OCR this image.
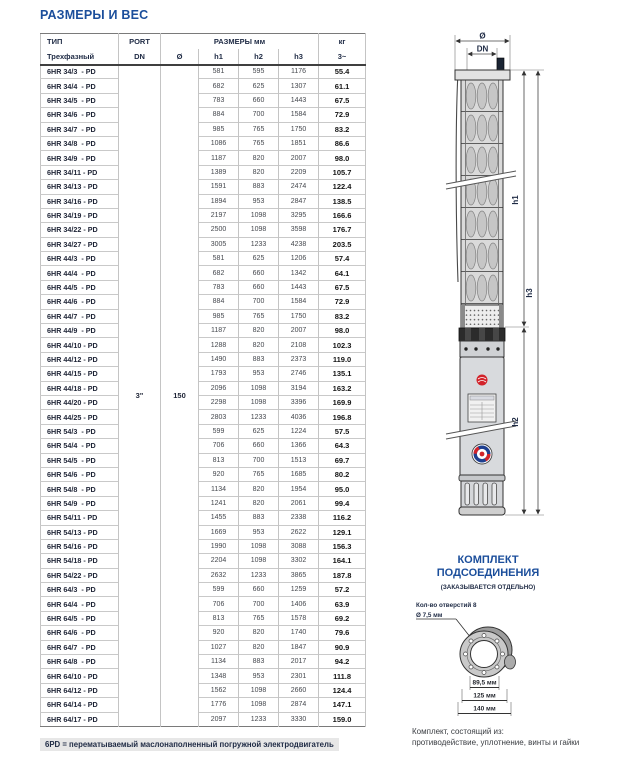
РАЗМЕРЫ И ВЕС
ТИП	PORT	РАЗМЕРЫ мм				кг
Трехфазный	DN	Ø	h1	h2	h3	3~
6HR 34/3  - PD	3"	150	581	595	1176	55.4
6HR 34/4  - PD			682	625	1307	61.1
6HR 34/5  - PD			783	660	1443	67.5
6HR 34/6  - PD			884	700	1584	72.9
6HR 34/7  - PD			985	765	1750	83.2
6HR 34/8  - PD			1086	765	1851	86.6
6HR 34/9  - PD			1187	820	2007	98.0
6HR 34/11 - PD			1389	820	2209	105.7
6HR 34/13 - PD			1591	883	2474	122.4
6HR 34/16 - PD			1894	953	2847	138.5
6HR 34/19 - PD			2197	1098	3295	166.6
6HR 34/22 - PD			2500	1098	3598	176.7
6HR 34/27 - PD			3005	1233	4238	203.5
6HR 44/3  - PD			581	625	1206	57.4
6HR 44/4  - PD			682	660	1342	64.1
6HR 44/5  - PD			783	660	1443	67.5
6HR 44/6  - PD			884	700	1584	72.9
6HR 44/7  - PD			985	765	1750	83.2
6HR 44/9  - PD			1187	820	2007	98.0
6HR 44/10 - PD			1288	820	2108	102.3
6HR 44/12 - PD			1490	883	2373	119.0
6HR 44/15 - PD			1793	953	2746	135.1
6HR 44/18 - PD			2096	1098	3194	163.2
6HR 44/20 - PD			2298	1098	3396	169.9
6HR 44/25 - PD			2803	1233	4036	196.8
6HR 54/3  - PD			599	625	1224	57.5
6HR 54/4  - PD			706	660	1366	64.3
6HR 54/5  - PD			813	700	1513	69.7
6HR 54/6  - PD			920	765	1685	80.2
6HR 54/8  - PD			1134	820	1954	95.0
6HR 54/9  - PD			1241	820	2061	99.4
6HR 54/11 - PD			1455	883	2338	116.2
6HR 54/13 - PD			1669	953	2622	129.1
6HR 54/16 - PD			1990	1098	3088	156.3
6HR 54/18 - PD			2204	1098	3302	164.1
6HR 54/22 - PD			2632	1233	3865	187.8
6HR 64/3  - PD			599	660	1259	57.2
6HR 64/4  - PD			706	700	1406	63.9
6HR 64/5  - PD			813	765	1578	69.2
6HR 64/6  - PD			920	820	1740	79.6
6HR 64/7  - PD			1027	820	1847	90.9
6HR 64/8  - PD			1134	883	2017	94.2
6HR 64/10 - PD			1348	953	2301	111.8
6HR 64/12 - PD			1562	1098	2660	124.4
6HR 64/14 - PD			1776	1098	2874	147.1
6HR 64/17 - PD			2097	1233	3330	159.0
Ø
DN
h1
h2
h3
КОМПЛЕКТ
ПОДСОЕДИНЕНИЯ
(ЗАКАЗЫВАЕТСЯ ОТДЕЛЬНО)
Кол-во отверстий 8
Ø 7,5 мм
89,5 мм
125 мм
140 мм
Комплект, состоящий из:
противодействие, уплотнение, винты и гайки
6PD = перематываемый маслонаполненный погружной электродвигатель
